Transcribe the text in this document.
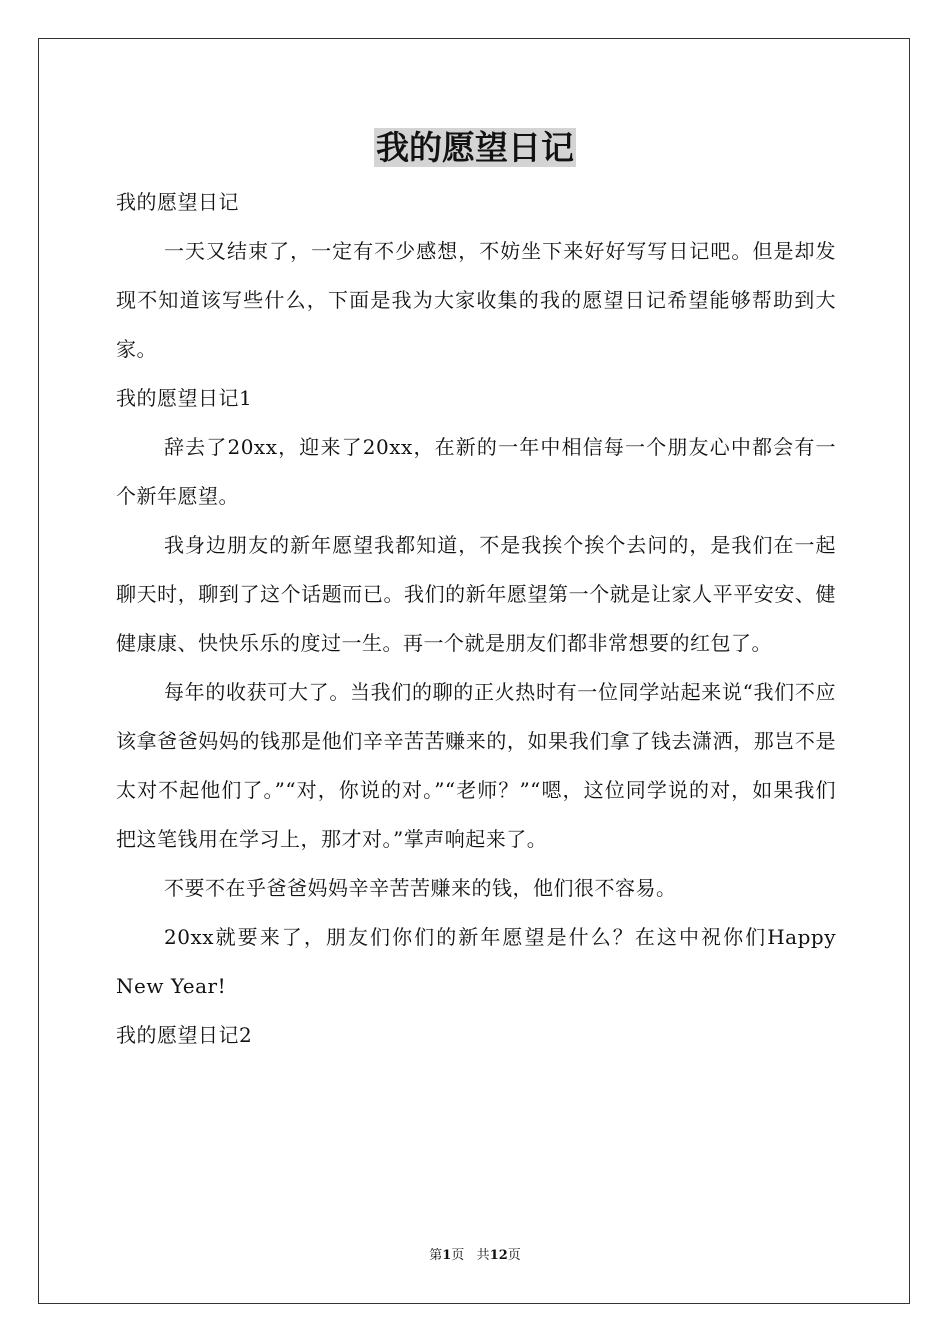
我的愿望日记

我的愿望日记

一天又结束了，一定有不少感想，不妨坐下来好好写写日记吧。但是却发现不知道该写些什么，下面是我为大家收集的我的愿望日记希望能够帮助到大家。

我的愿望日记1

辞去了20xx，迎来了20xx，在新的一年中相信每一个朋友心中都会有一个新年愿望。

我身边朋友的新年愿望我都知道，不是我挨个挨个去问的，是我们在一起聊天时，聊到了这个话题而已。我们的新年愿望第一个就是让家人平平安安、健健康康、快快乐乐的度过一生。再一个就是朋友们都非常想要的红包了。

每年的收获可大了。当我们的聊的正火热时有一位同学站起来说“我们不应该拿爸爸妈妈的钱那是他们辛辛苦苦赚来的，如果我们拿了钱去潇洒，那岂不是太对不起他们了。”“对，你说的对。”“老师？”“嗯，这位同学说的对，如果我们把这笔钱用在学习上，那才对。”掌声响起来了。

不要不在乎爸爸妈妈辛辛苦苦赚来的钱，他们很不容易。

20xx就要来了，朋友们你们的新年愿望是什么？在这中祝你们Happy New Year!

我的愿望日记2

第1页 共12页
